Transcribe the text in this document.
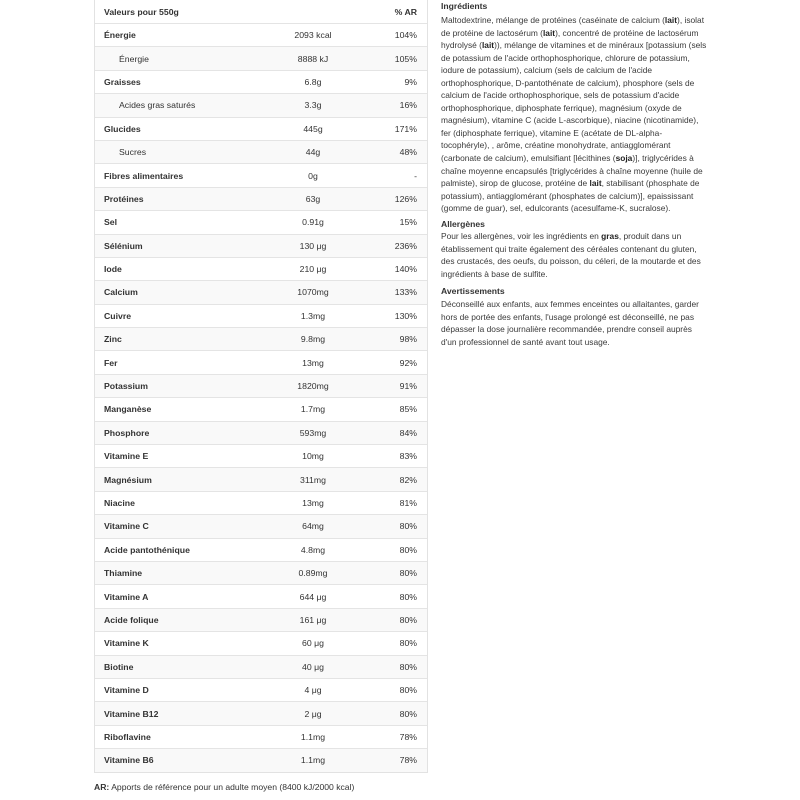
Valeurs pour 550g	% AR
Énergie	2093 kcal	104%
Énergie	8888 kJ	105%
Graisses	6.8g	9%
Acides gras saturés	3.3g	16%
Glucides	445g	171%
Sucres	44g	48%
Fibres alimentaires	0g	-
Protéines	63g	126%
Sel	0.91g	15%
Sélénium	130 μg	236%
Iode	210 μg	140%
Calcium	1070mg	133%
Cuivre	1.3mg	130%
Zinc	9.8mg	98%
Fer	13mg	92%
Potassium	1820mg	91%
Manganèse	1.7mg	85%
Phosphore	593mg	84%
Vitamine E	10mg	83%
Magnésium	311mg	82%
Niacine	13mg	81%
Vitamine C	64mg	80%
Acide pantothénique	4.8mg	80%
Thiamine	0.89mg	80%
Vitamine A	644 μg	80%
Acide folique	161 μg	80%
Vitamine K	60 μg	80%
Biotine	40 μg	80%
Vitamine D	4 μg	80%
Vitamine B12	2 μg	80%
Riboflavine	1.1mg	78%
Vitamine B6	1.1mg	78%
AR: Apports de référence pour un adulte moyen (8400 kJ/2000 kcal)

Ingrédients

Maltodextrine, mélange de protéines (caséinate de calcium (lait), isolat de protéine de lactosérum (lait), concentré de protéine de lactosérum hydrolysé (lait)), mélange de vitamines et de minéraux [potassium (sels de potassium de l'acide orthophosphorique, chlorure de potassium, iodure de potassium), calcium (sels de calcium de l'acide orthophosphorique, D-pantothénate de calcium), phosphore (sels de calcium de l'acide orthophosphorique, sels de potassium d'acide orthophosphorique, diphosphate ferrique), magnésium (oxyde de magnésium), vitamine C (acide L-ascorbique), niacine (nicotinamide), fer (diphosphate ferrique), vitamine E (acétate de DL-alpha-tocophéryle), , arôme, créatine monohydrate, antiaggloméran​t (carbonate de calcium), emulsifiant [lécithines (soja)], triglycérides à chaîne moyenne encapsulés [triglycérides à chaîne moyenne (huile de palmiste), sirop de glucose, protéine de lait, stabilisant (phosphate de potassium), antiagglomérant (phosphates de calcium)], epaississant (gomme de guar), sel, edulcorants (acesulfame-K, sucralose).

Allergènes

Pour les allergènes, voir les ingrédients en gras, produit dans un établissement qui traite également des céréales contenant du gluten, des crustacés, des oeufs, du poisson, du céleri, de la moutarde et des ingrédients à base de sulfite.

Avertissements

Déconseillé aux enfants, aux femmes enceintes ou allaitantes, garder hors de portée des enfants, l'usage prolongé est déconseillé, ne pas dépasser la dose journalière recommandée, prendre conseil auprès d'un professionnel de santé avant tout usage.
